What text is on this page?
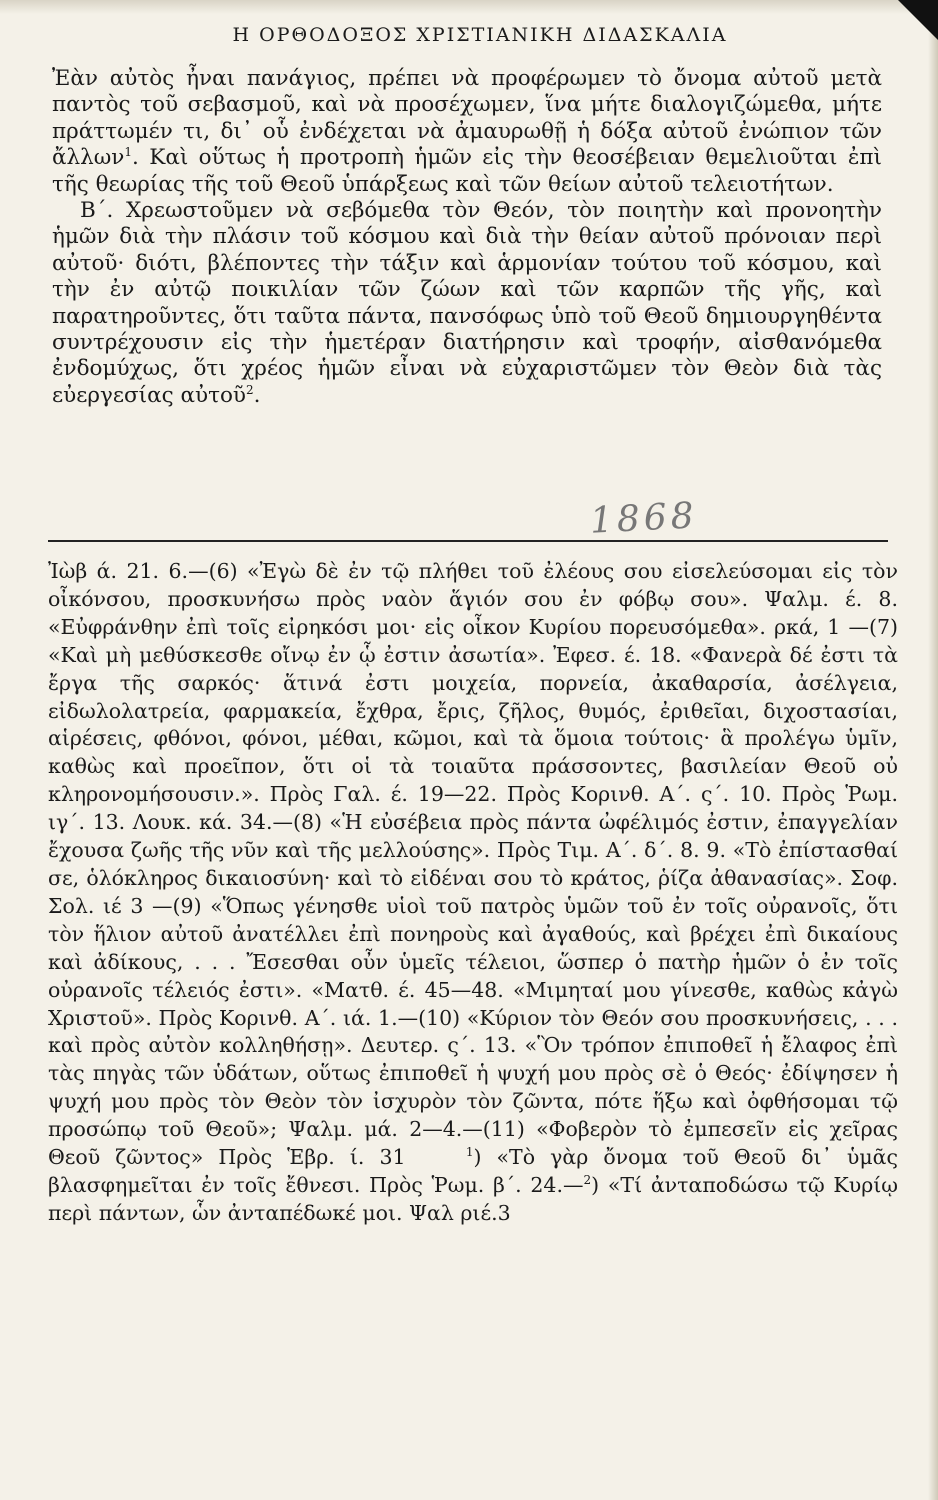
Η ΟΡΘΟΔΟΞΟΣ ΧΡΙΣΤΙΑΝΙΚΗ ΔΙΔΑΣΚΑΛΙΑ

Ἐὰν αὐτὸς ἦναι πανάγιος, πρέπει νὰ προφέρωμεν τὸ ὄνομα αὐτοῦ μετὰ παντὸς τοῦ σεβασμοῦ, καὶ νὰ προσέχωμεν, ἵνα μήτε διαλογιζώμεθα, μήτε πράττωμέν τι, δι᾽ οὗ ἐνδέχεται νὰ ἀμαυρωθῇ ἡ δόξα αὐτοῦ ἐνώπιον τῶν ἄλλων$^1$. Καὶ οὕτως ἡ προτροπὴ ἡμῶν εἰς τὴν θεοσέβειαν θεμελιοῦται ἐπὶ τῆς θεωρίας τῆς τοῦ Θεοῦ ὑπάρξεως καὶ τῶν θείων αὐτοῦ τελειοτήτων.

Β΄. Χρεωστοῦμεν νὰ σεβόμεθα τὸν Θεόν, τὸν ποιητὴν καὶ προνοητὴν ἡμῶν διὰ τὴν πλάσιν τοῦ κόσμου καὶ διὰ τὴν θείαν αὐτοῦ πρόνοιαν περὶ αὐτοῦ· διότι, βλέποντες τὴν τάξιν καὶ ἁρμονίαν τούτου τοῦ κόσμου, καὶ τὴν ἐν αὐτῷ ποικιλίαν τῶν ζώων καὶ τῶν καρπῶν τῆς γῆς, καὶ παρατηροῦντες, ὅτι ταῦτα πάντα, πανσόφως ὑπὸ τοῦ Θεοῦ δημιουργηθέντα συντρέχουσιν εἰς τὴν ἡμετέραν διατήρησιν καὶ τροφήν, αἰσθανόμεθα ἐνδομύχως, ὅτι χρέος ἡμῶν εἶναι νὰ εὐχαριστῶμεν τὸν Θεὸν διὰ τὰς εὐεργεσίας αὐτοῦ$^2$.

1868

Ἰὼβ ά. 21. 6.—(6) «Ἐγὼ δὲ ἐν τῷ πλήθει τοῦ ἐλέους σου εἰσελεύσομαι εἰς τὸν οἶκόνσου, προσκυνήσω πρὸς ναὸν ἅγιόν σου ἐν φόβῳ σου». Ψαλμ. έ. 8. «Εὐφράνθην ἐπὶ τοῖς εἰρηκόσι μοι· εἰς οἶκον Κυρίου πορευσόμεθα». ρκά, 1 —(7) «Καὶ μὴ μεθύσκεσθε οἴνῳ ἐν ᾧ ἐστιν ἀσωτία». Ἐφεσ. έ. 18. «Φανερὰ δέ ἐστι τὰ ἔργα τῆς σαρκός· ἅτινά ἐστι μοιχεία, πορνεία, ἀκαθαρσία, ἀσέλγεια, εἰδωλολατρεία, φαρμακεία, ἔχθρα, ἔρις, ζῆλος, θυμός, ἐριθεῖαι, διχοστασίαι, αἱρέσεις, φθόνοι, φόνοι, μέθαι, κῶμοι, καὶ τὰ ὅμοια τούτοις· ἃ προλέγω ὑμῖν, καθὼς καὶ προεῖπον, ὅτι οἱ τὰ τοιαῦτα πράσσοντες, βασιλείαν Θεοῦ οὐ κληρονομήσουσιν.». Πρὸς Γαλ. έ. 19—22. Πρὸς Κορινθ. Α΄. ς΄. 10. Πρὸς Ῥωμ. ιγ΄. 13. Λουκ. κά. 34.—(8) «Ἡ εὐσέβεια πρὸς πάντα ὠφέλιμός ἐστιν, ἐπαγγελίαν ἔχουσα ζωῆς τῆς νῦν καὶ τῆς μελλούσης». Πρὸς Τιμ. Α΄. δ΄. 8. 9. «Τὸ ἐπίστασθαί σε, ὁλόκληρος δικαιοσύνη· καὶ τὸ εἰδέναι σου τὸ κράτος, ῥίζα ἀθανασίας». Σοφ. Σολ. ιέ 3 —(9) «Ὅπως γένησθε υἱοὶ τοῦ πατρὸς ὑμῶν τοῦ ἐν τοῖς οὐρανοῖς, ὅτι τὸν ἥλιον αὐτοῦ ἀνατέλλει ἐπὶ πονηροὺς καὶ ἀγαθούς, καὶ βρέχει ἐπὶ δικαίους καὶ ἀδίκους, . . . Ἔσεσθαι οὖν ὑμεῖς τέλειοι, ὥσπερ ὁ πατὴρ ἡμῶν ὁ ἐν τοῖς οὐρανοῖς τέλειός ἐστι». «Ματθ. έ. 45—48. «Μιμηταί μου γίνεσθε, καθὼς κἀγὼ Χριστοῦ». Πρὸς Κορινθ. Α΄. ιά. 1.—(10) «Κύριον τὸν Θεόν σου προσκυνήσεις, . . . καὶ πρὸς αὐτὸν κολληθήσῃ». Δευτερ. ς΄. 13. «Ὃν τρόπον ἐπιποθεῖ ἡ ἔλαφος ἐπὶ τὰς πηγὰς τῶν ὑδάτων, οὕτως ἐπιποθεῖ ἡ ψυχή μου πρὸς σὲ ὁ Θεός· ἐδίψησεν ἡ ψυχή μου πρὸς τὸν Θεὸν τὸν ἰσχυρὸν τὸν ζῶντα, πότε ἥξω καὶ ὀφθήσομαι τῷ προσώπῳ τοῦ Θεοῦ»; Ψαλμ. μά. 2—4.—(11) «Φοβερὸν τὸ ἐμπεσεῖν εἰς χεῖρας Θεοῦ ζῶντος» Πρὸς Ἑβρ. ί. 31	$^1$) «Τὸ γὰρ ὄνομα τοῦ Θεοῦ δι᾽ ὑμᾶς βλασφημεῖται ἐν τοῖς ἔθνεσι. Πρὸς Ῥωμ. β΄. 24.—$^2$) «Τί ἀνταποδώσω τῷ Κυρίῳ περὶ πάντων, ὧν ἀνταπέδωκέ μοι. Ψαλ ριέ.3
